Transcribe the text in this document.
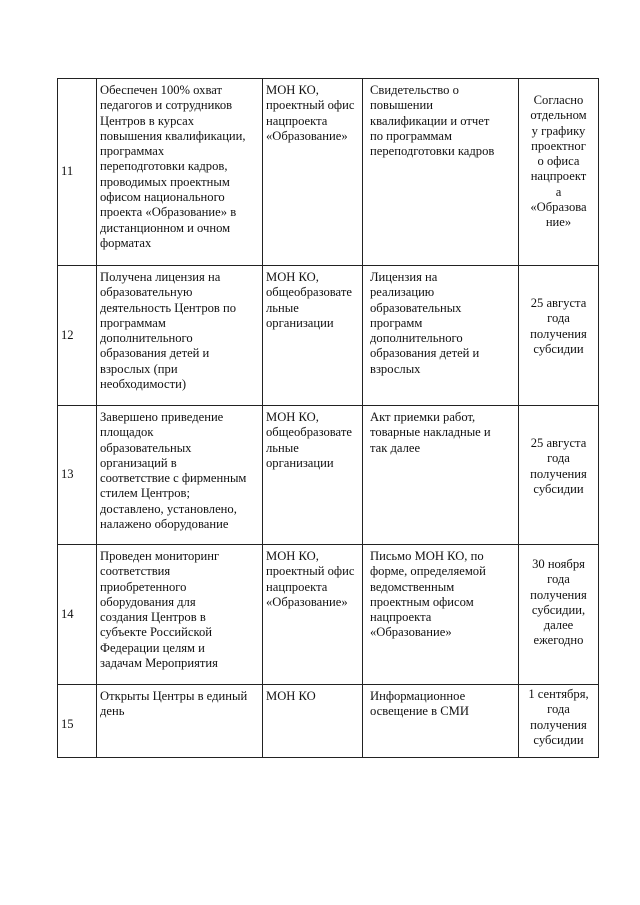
11
Обеспечен 100% охват
педагогов и сотрудников
Центров в курсах
повышения квалификации,
программах
переподготовки кадров,
проводимых проектным
офисом национального
проекта «Образование» в
дистанционном и очном
форматах
МОН КО,
проектный офис
нацпроекта
«Образование»
Свидетельство о
повышении
квалификации и отчет
по программам
переподготовки кадров
Согласно
отдельном
у графику
проектног
о офиса
нацпроект
а
«Образова
ние»
12
Получена лицензия на
образовательную
деятельность Центров по
программам
дополнительного
образования детей и
взрослых (при
необходимости)
МОН КО,
общеобразовате
льные
организации
Лицензия на
реализацию
образовательных
программ
дополнительного
образования детей и
взрослых
25 августа
года
получения
субсидии
13
Завершено приведение
площадок
образовательных
организаций в
соответствие с фирменным
стилем Центров;
доставлено, установлено,
налажено оборудование
МОН КО,
общеобразовате
льные
организации
Акт приемки работ,
товарные накладные и
так далее	25 августа
года
получения
субсидии
14
Проведен мониторинг
соответствия
приобретенного
оборудования для
создания Центров в
субъекте Российской
Федерации целям и
задачам Мероприятия
МОН КО,
проектный офис
нацпроекта
«Образование»
Письмо МОН КО, по
форме, определяемой
ведомственным
проектным офисом
нацпроекта
«Образование»
30 ноября
года
получения
субсидии,
далее
ежегодно
15
Открыты Центры в единый
день
МОН КО	Информационное
освещение в СМИ
1 сентября,
года
получения
субсидии
